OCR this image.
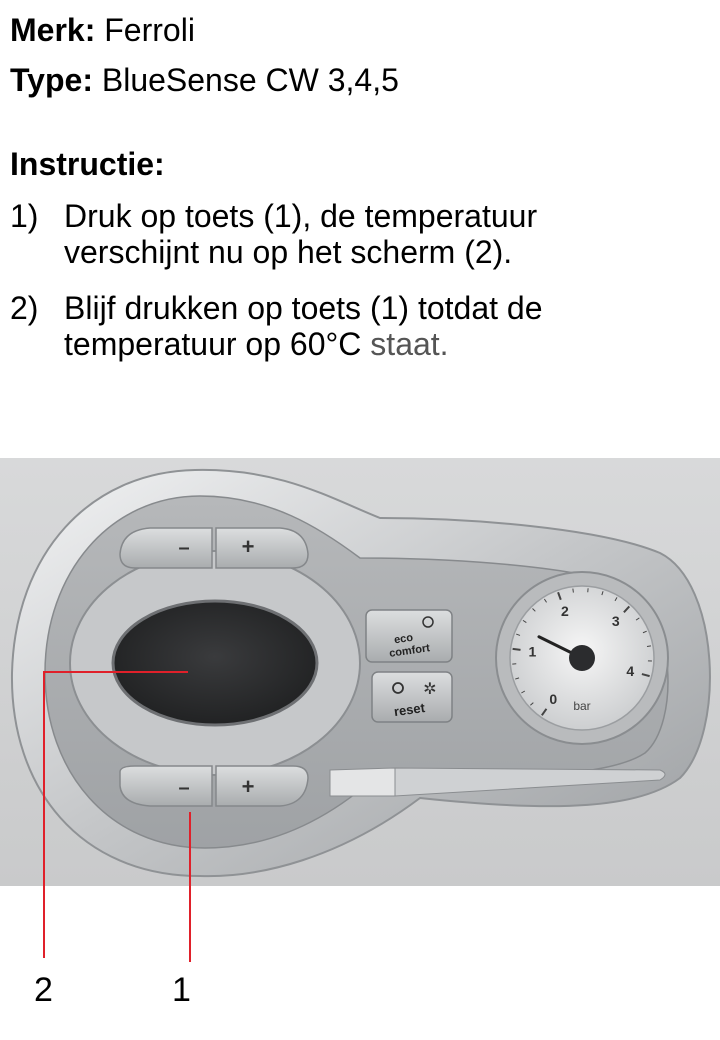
Merk: Ferroli
Type: BlueSense CW 3,4,5
Instructie:
1) Druk op toets (1), de temperatuur
verschijnt nu op het scherm (2).
2) Blijf drukken op toets (1) totdat de
temperatuur op 60°C staat.
– +
– +
eco
comfort
✲
reset
0
1
2
3
4
bar
2	1
